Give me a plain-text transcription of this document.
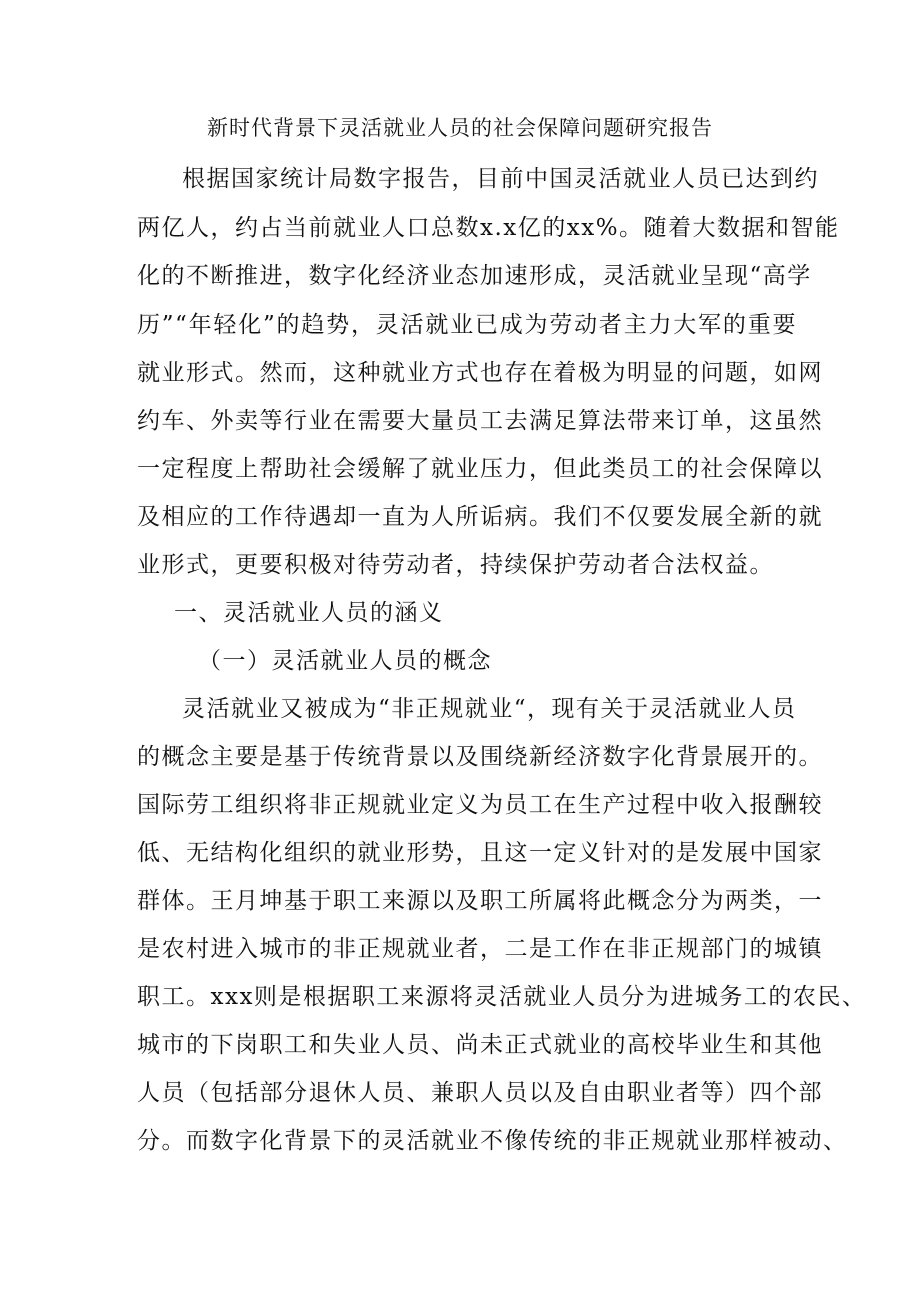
新时代背景下灵活就业人员的社会保障问题研究报告
根据国家统计局数字报告，目前中国灵活就业人员已达到约
两亿人，约占当前就业人口总数x.x亿的xx%。随着大数据和智能
化的不断推进，数字化经济业态加速形成，灵活就业呈现“高学
历”“年轻化”的趋势，灵活就业已成为劳动者主力大军的重要
就业形式。然而，这种就业方式也存在着极为明显的问题，如网
约车、外卖等行业在需要大量员工去满足算法带来订单，这虽然
一定程度上帮助社会缓解了就业压力，但此类员工的社会保障以
及相应的工作待遇却一直为人所诟病。我们不仅要发展全新的就
业形式，更要积极对待劳动者，持续保护劳动者合法权益。
一、灵活就业人员的涵义
（一）灵活就业人员的概念
灵活就业又被成为“非正规就业“，现有关于灵活就业人员
的概念主要是基于传统背景以及围绕新经济数字化背景展开的。
国际劳工组织将非正规就业定义为员工在生产过程中收入报酬较
低、无结构化组织的就业形势，且这一定义针对的是发展中国家
群体。王月坤基于职工来源以及职工所属将此概念分为两类，一
是农村进入城市的非正规就业者，二是工作在非正规部门的城镇
职工。xxx则是根据职工来源将灵活就业人员分为进城务工的农民、
城市的下岗职工和失业人员、尚未正式就业的高校毕业生和其他
人员（包括部分退休人员、兼职人员以及自由职业者等）四个部
分。而数字化背景下的灵活就业不像传统的非正规就业那样被动、
